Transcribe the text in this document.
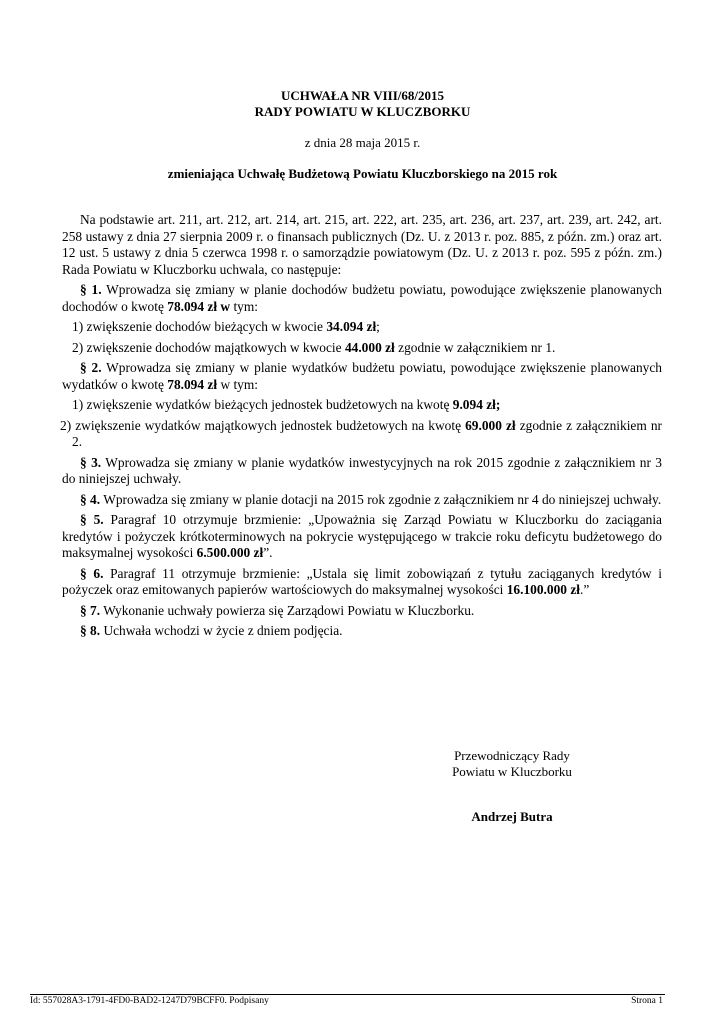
UCHWAŁA NR VIII/68/2015
RADY POWIATU W KLUCZBORKU
z dnia 28 maja 2015 r.
zmieniająca Uchwałę Budżetową Powiatu Kluczborskiego na 2015 rok

Na podstawie art. 211, art. 212, art. 214, art. 215, art. 222, art. 235, art. 236, art. 237, art. 239, art. 242, art. 258 ustawy z dnia 27 sierpnia 2009 r. o finansach publicznych (Dz. U. z 2013 r. poz. 885, z późn. zm.) oraz art. 12 ust. 5 ustawy z dnia 5 czerwca 1998 r. o samorządzie powiatowym (Dz. U. z 2013 r. poz. 595 z późn. zm.) Rada Powiatu w Kluczborku uchwala, co następuje:

§ 1. Wprowadza się zmiany w planie dochodów budżetu powiatu, powodujące zwiększenie planowanych dochodów o kwotę 78.094 zł w tym:

1) zwiększenie dochodów bieżących w kwocie 34.094 zł;

2) zwiększenie dochodów majątkowych w kwocie 44.000 zł zgodnie w załącznikiem nr 1.

§ 2. Wprowadza się zmiany w planie wydatków budżetu powiatu, powodujące zwiększenie planowanych wydatków o kwotę 78.094 zł w tym:

1) zwiększenie wydatków bieżących jednostek budżetowych na kwotę 9.094 zł;

2) zwiększenie wydatków majątkowych jednostek budżetowych na kwotę 69.000 zł zgodnie z załącznikiem nr 2.

§ 3. Wprowadza się zmiany w planie wydatków inwestycyjnych na rok 2015 zgodnie z załącznikiem nr 3 do niniejszej uchwały.

§ 4. Wprowadza się zmiany w planie dotacji na 2015 rok zgodnie z załącznikiem nr 4 do niniejszej uchwały.

§ 5. Paragraf 10 otrzymuje brzmienie: „Upoważnia się Zarząd Powiatu w Kluczborku do zaciągania kredytów i pożyczek krótkoterminowych na pokrycie występującego w trakcie roku deficytu budżetowego do maksymalnej wysokości 6.500.000 zł”.

§ 6. Paragraf 11 otrzymuje brzmienie: „Ustala się limit zobowiązań z tytułu zaciąganych kredytów i pożyczek oraz emitowanych papierów wartościowych do maksymalnej wysokości 16.100.000 zł.”

§ 7. Wykonanie uchwały powierza się Zarządowi Powiatu w Kluczborku.

§ 8. Uchwała wchodzi w życie z dniem podjęcia.

Przewodniczący Rady
Powiatu w Kluczborku
Andrzej Butra
Id: 557028A3-1791-4FD0-BAD2-1247D79BCFF0. Podpisany	Strona 1
